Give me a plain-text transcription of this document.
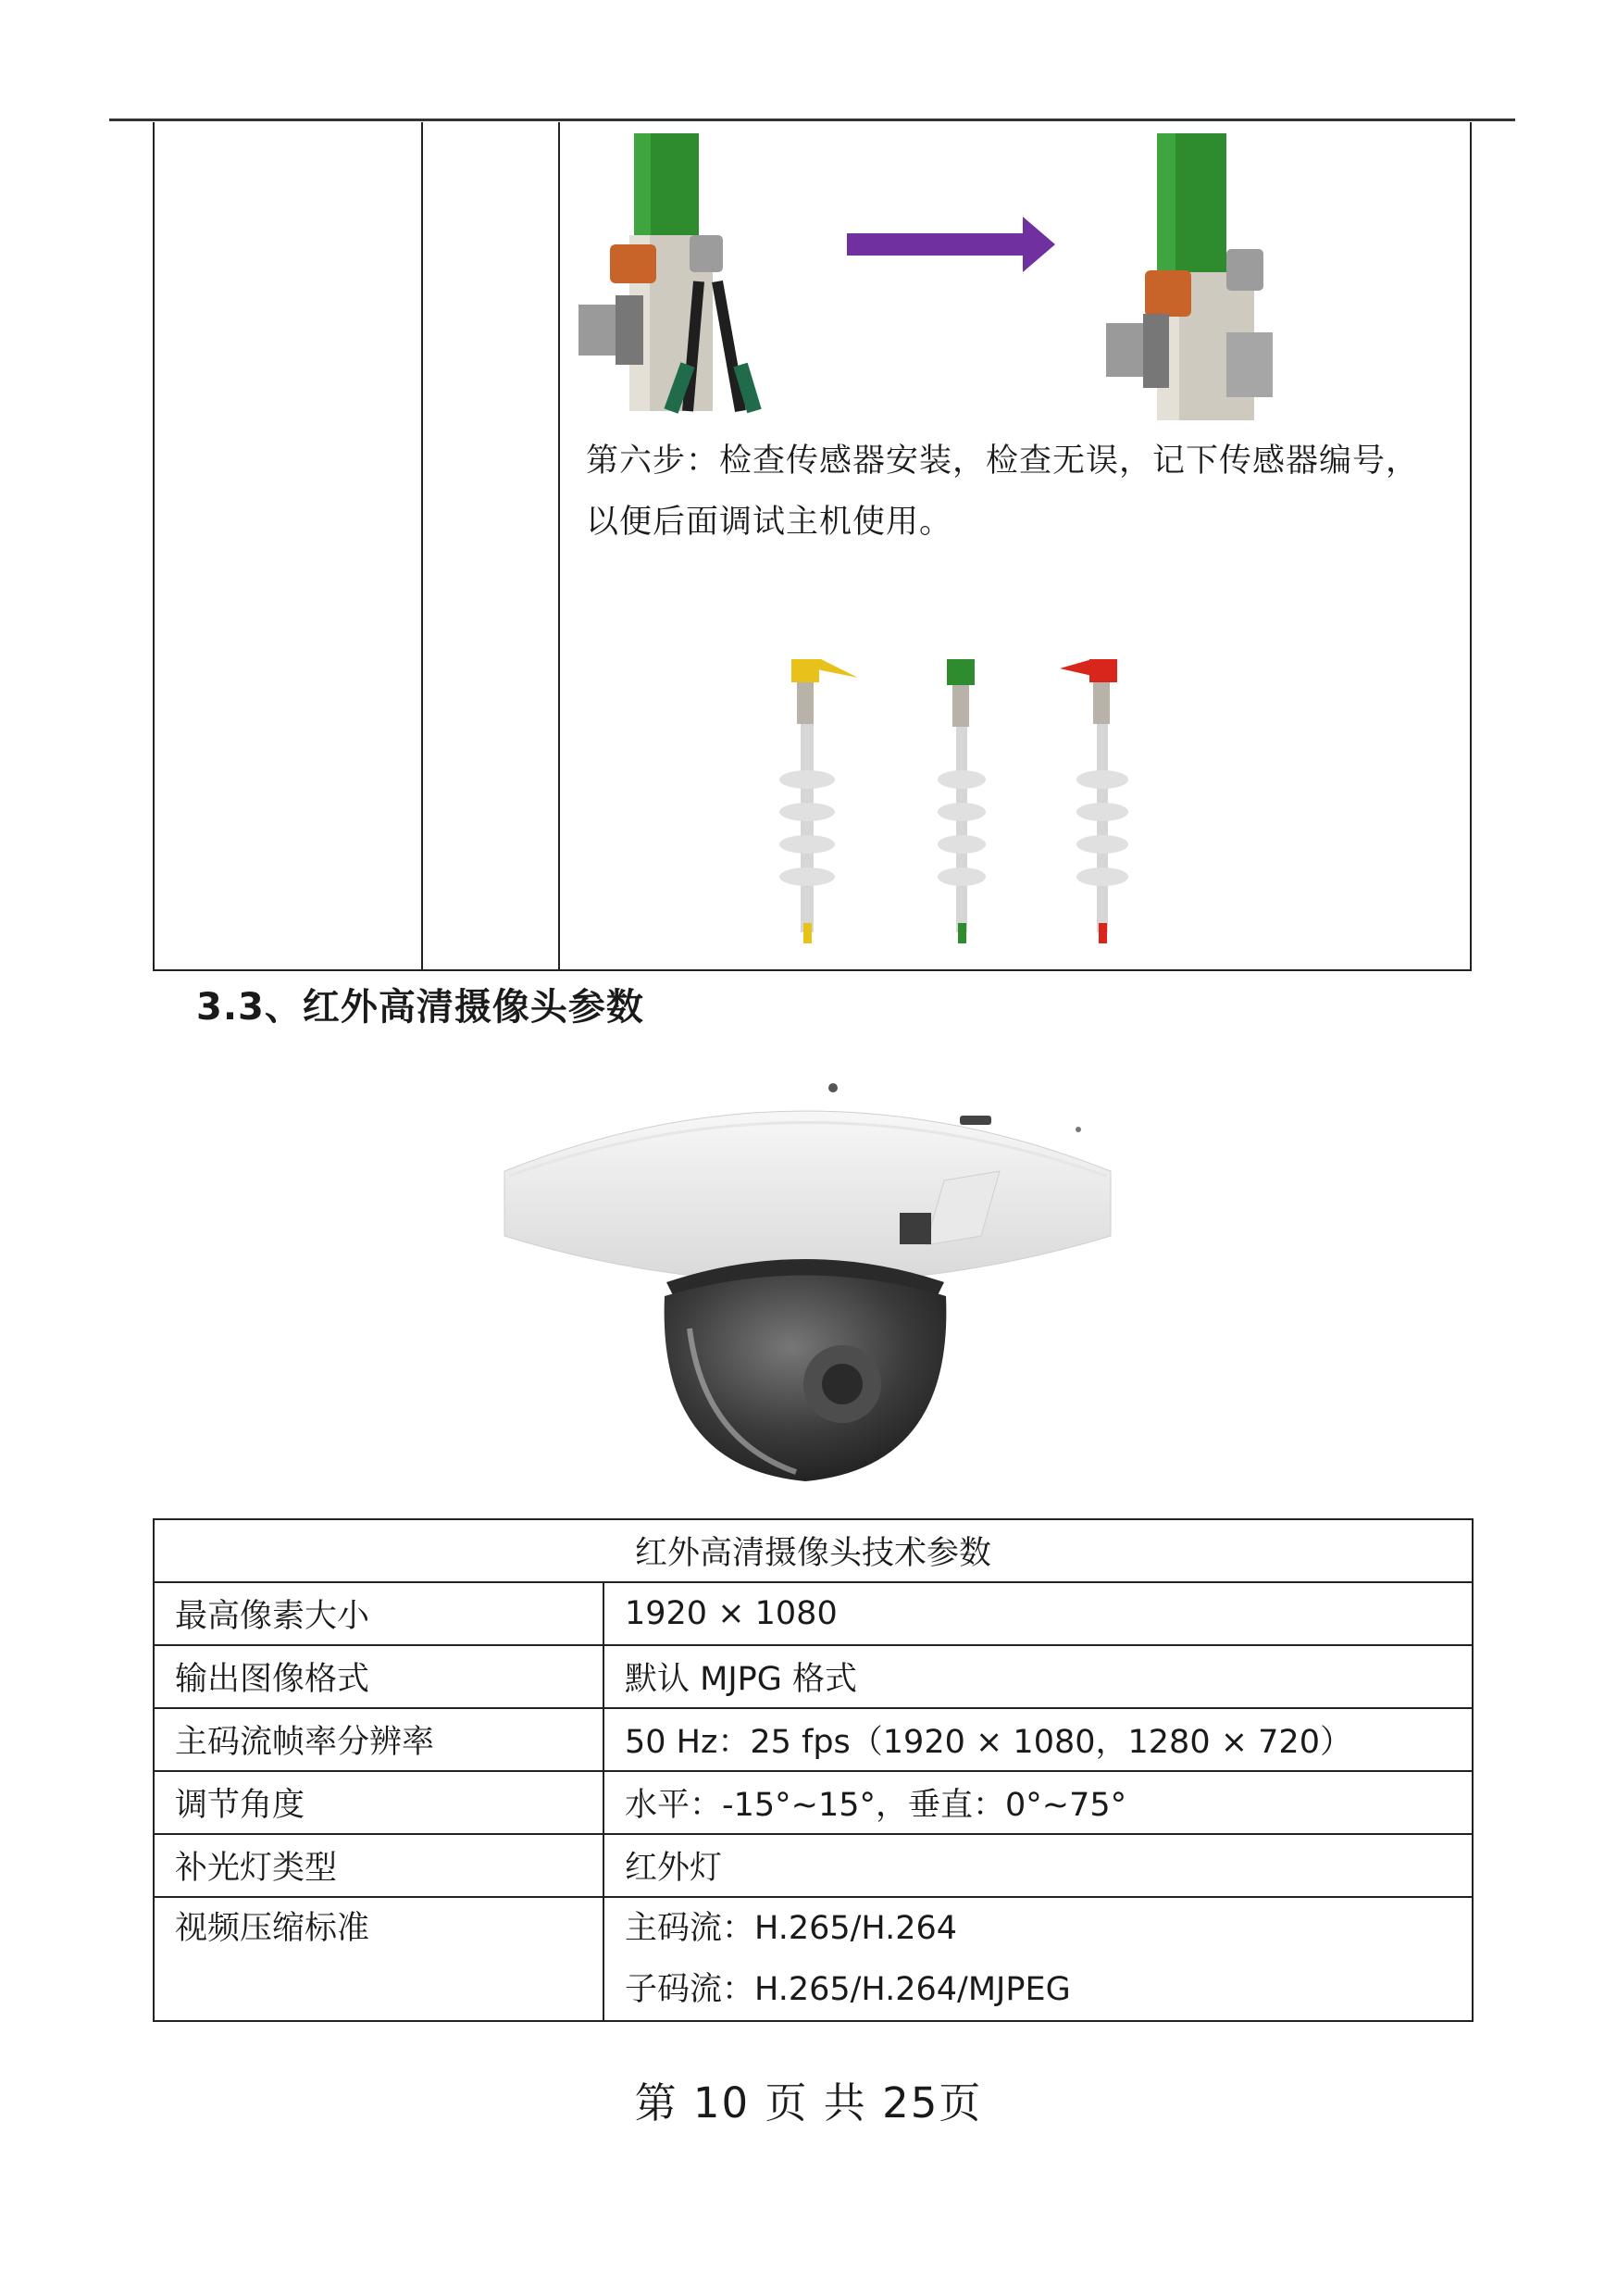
第六步：检查传感器安装，检查无误，记下传感器编号，
以便后面调试主机使用。
3.3、红外高清摄像头参数
红外高清摄像头技术参数	
最高像素大小	1920 × 1080
输出图像格式	默认 MJPG 格式
主码流帧率分辨率	50 Hz：25 fps（1920 × 1080，1280 × 720）
调节角度	水平：-15°~15°，垂直：0°~75°
补光灯类型	红外灯
视频压缩标准	主码流：H.265/H.264
子码流：H.265/H.264/MJPEG
第 10 页 共 25页
